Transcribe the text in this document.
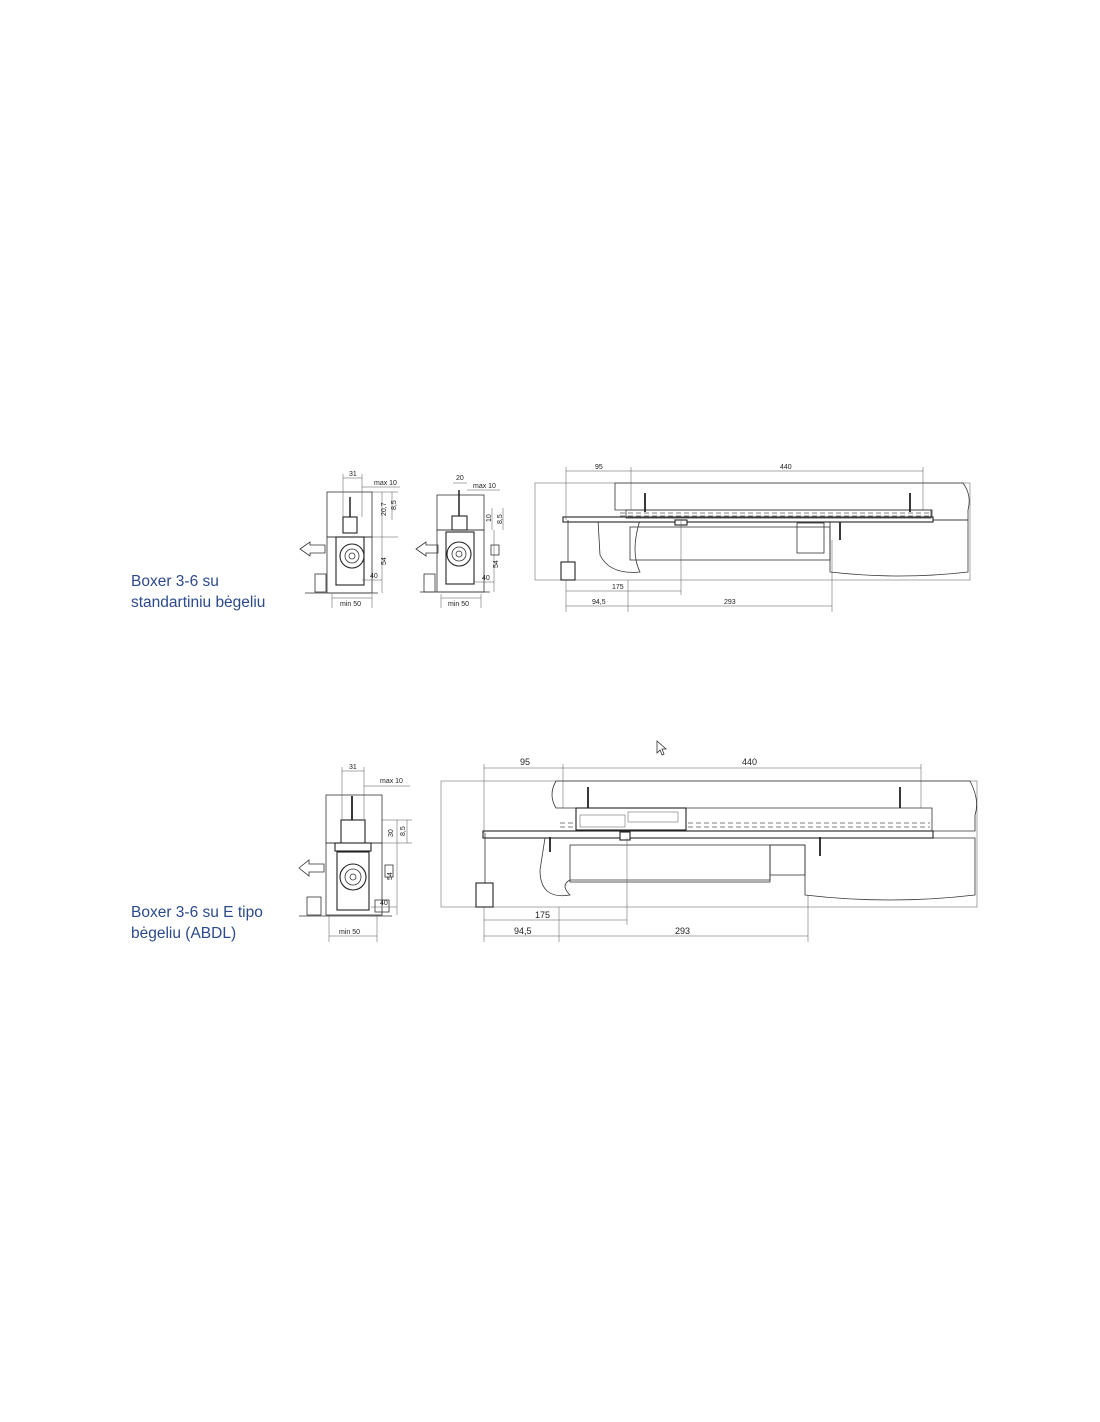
Boxer 3-6 su
standartiniu bėgeliu
Boxer 3-6 su E tipo
bėgeliu (ABDL)
31
max 10
20,7 8,5
54
40
min 50
20
max 10
10 8,5
54
40
min 50
95	440
175
94,5	293
31
max 10
30 8,5
54
40
min 50
95	440
175
94,5	293
